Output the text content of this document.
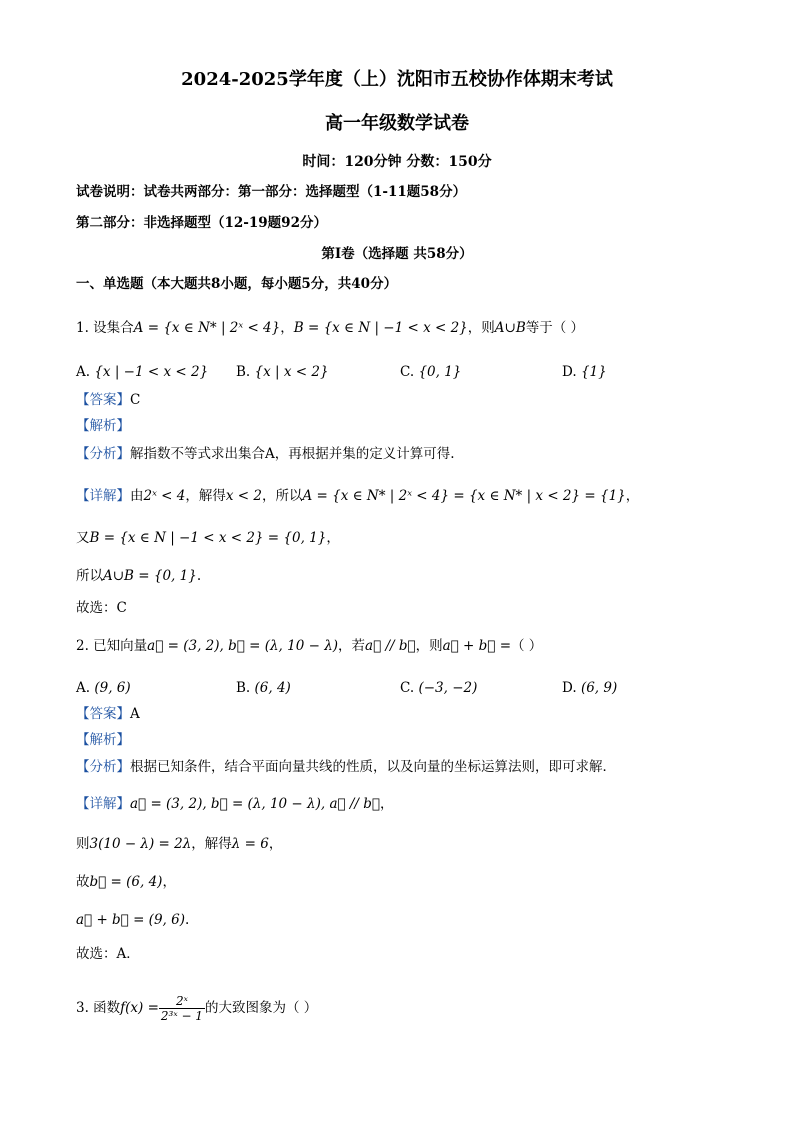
2024-2025学年度（上）沈阳市五校协作体期末考试
高一年级数学试卷
时间：120分钟 分数：150分
试卷说明：试卷共两部分：第一部分：选择题型（1-11题58分）
第二部分：非选择题型（12-19题92分）
第Ⅰ卷（选择题 共58分）
一、单选题（本大题共8小题，每小题5分，共40分）
1. 设集合A = {x ∈ N* | 2ˣ < 4}，B = {x ∈ N | −1 < x < 2}，则A∪B等于（ ）
A. {x | −1 < x < 2} B. {x | x < 2}	C. {0, 1}	D. {1}
【答案】C
【解析】
【分析】解指数不等式求出集合A，再根据并集的定义计算可得.
【详解】由2ˣ < 4，解得x < 2，所以A = {x ∈ N* | 2ˣ < 4} = {x ∈ N* | x < 2} = {1}，
又B = {x ∈ N | −1 < x < 2} = {0, 1}，
所以A∪B = {0, 1}.
故选：C
2. 已知向量a⃗ = (3, 2), b⃗ = (λ, 10 − λ)，若a⃗ // b⃗，则a⃗ + b⃗ =（ ）
A. (9, 6)	B. (6, 4)	C. (−3, −2)	D. (6, 9)
【答案】A
【解析】
【分析】根据已知条件，结合平面向量共线的性质，以及向量的坐标运算法则，即可求解．
【详解】a⃗ = (3, 2), b⃗ = (λ, 10 − λ), a⃗ // b⃗，
则3(10 − λ) = 2λ，解得λ = 6，
故b⃗ = (6, 4)，
a⃗ + b⃗ = (9, 6).
故选：A．
3. 函数$f(x) = \frac{\text{2ˣ}}{\text{2³ˣ − 1}}$ 的大致图象为（ ）
